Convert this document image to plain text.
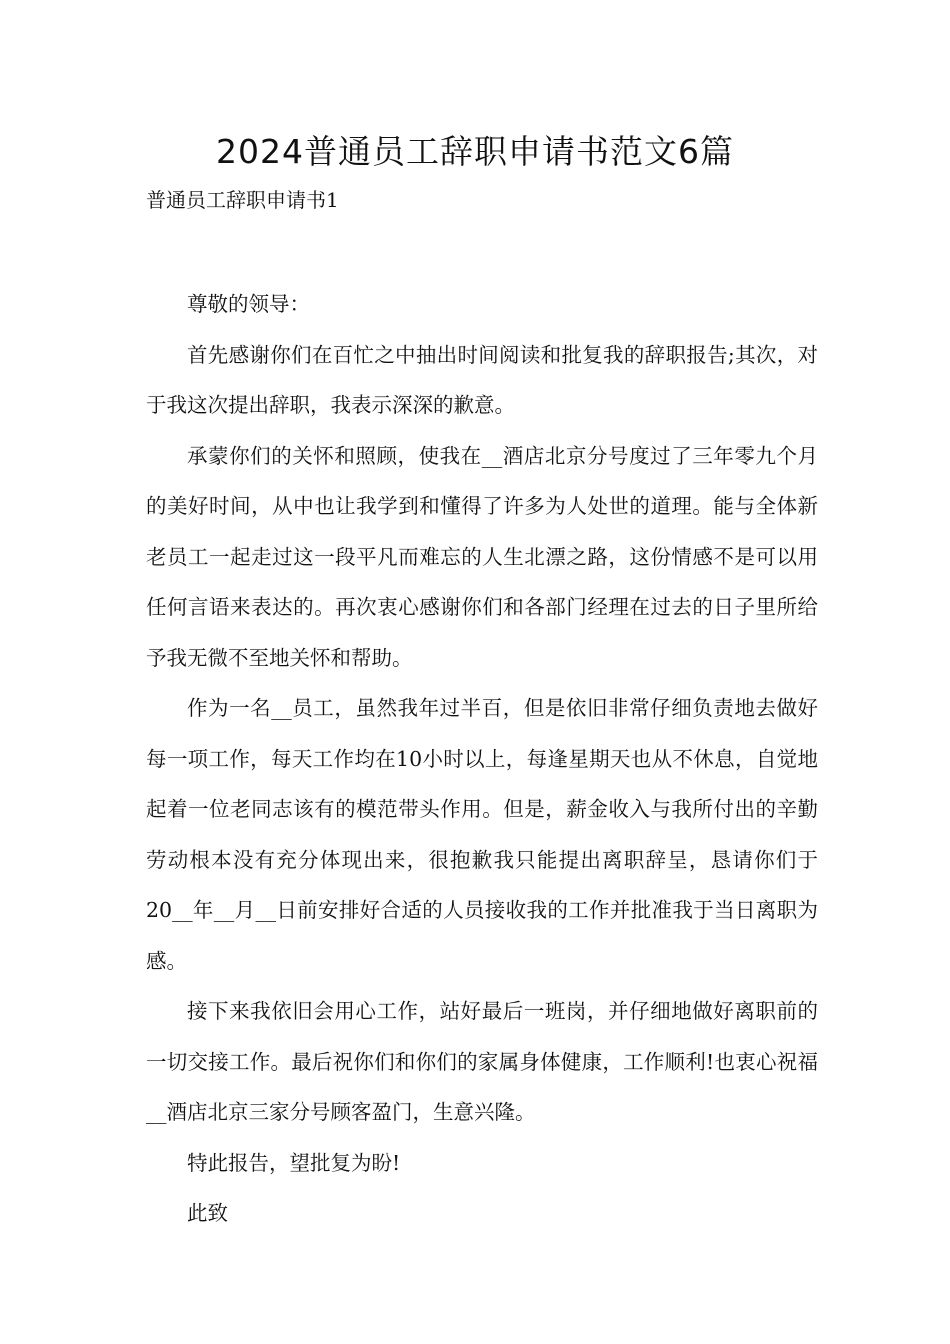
2024普通员工辞职申请书范文6篇

普通员工辞职申请书1

尊敬的领导：

首先感谢你们在百忙之中抽出时间阅读和批复我的辞职报告;其次，对于我这次提出辞职，我表示深深的歉意。

承蒙你们的关怀和照顾，使我在__酒店北京分号度过了三年零九个月的美好时间，从中也让我学到和懂得了许多为人处世的道理。能与全体新老员工一起走过这一段平凡而难忘的人生北漂之路，这份情感不是可以用任何言语来表达的。再次衷心感谢你们和各部门经理在过去的日子里所给予我无微不至地关怀和帮助。

作为一名__员工，虽然我年过半百，但是依旧非常仔细负责地去做好每一项工作，每天工作均在10小时以上，每逢星期天也从不休息，自觉地起着一位老同志该有的模范带头作用。但是，薪金收入与我所付出的辛勤劳动根本没有充分体现出来，很抱歉我只能提出离职辞呈，恳请你们于20__年__月__日前安排好合适的人员接收我的工作并批准我于当日离职为感。

接下来我依旧会用心工作，站好最后一班岗，并仔细地做好离职前的一切交接工作。最后祝你们和你们的家属身体健康，工作顺利!也衷心祝福__酒店北京三家分号顾客盈门，生意兴隆。

特此报告，望批复为盼!

此致
